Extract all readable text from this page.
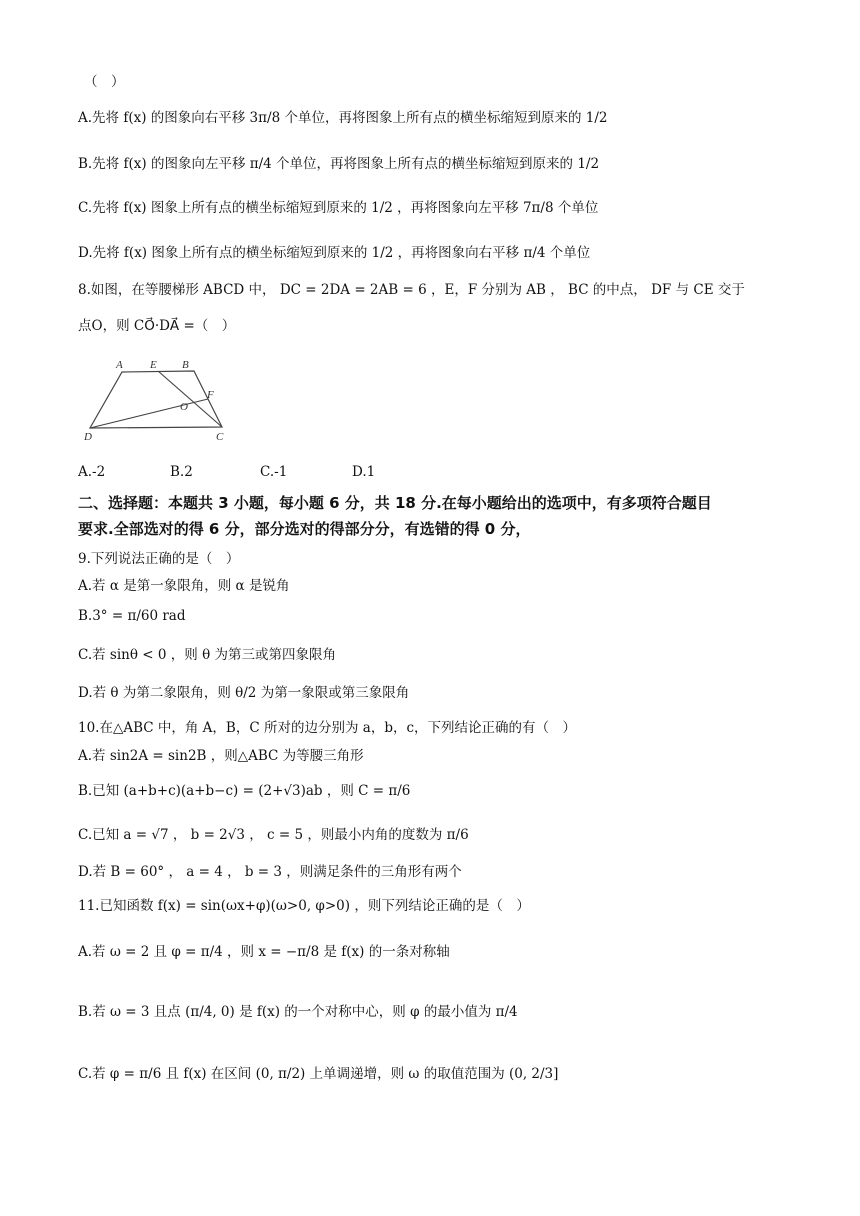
（　）
A.先将 f(x) 的图象向右平移 3π/8 个单位，再将图象上所有点的横坐标缩短到原来的 1/2
B.先将 f(x) 的图象向左平移 π/4 个单位，再将图象上所有点的横坐标缩短到原来的 1/2
C.先将 f(x) 图象上所有点的横坐标缩短到原来的 1/2 ，再将图象向左平移 7π/8 个单位
D.先将 f(x) 图象上所有点的横坐标缩短到原来的 1/2 ，再将图象向右平移 π/4 个单位
8.如图，在等腰梯形 ABCD 中， DC = 2DA = 2AB = 6 ，E，F 分别为 AB ， BC 的中点， DF 与 CE 交于
点O，则 CO⃗·DA⃗ =（　）
A E B
O
F
D	C
A.-2	B.2	C.-1	D.1
二、选择题：本题共 3 小题，每小题 6 分，共 18 分.在每小题给出的选项中，有多项符合题目
要求.全部选对的得 6 分，部分选对的得部分分，有选错的得 0 分，
9.下列说法正确的是（　）
A.若 α 是第一象限角，则 α 是锐角
B.3° = π/60 rad
C.若 sinθ < 0 ，则 θ 为第三或第四象限角
D.若 θ 为第二象限角，则 θ/2 为第一象限或第三象限角
10.在△ABC 中，角 A，B，C 所对的边分别为 a，b，c，下列结论正确的有（　）
A.若 sin2A = sin2B ，则△ABC 为等腰三角形
B.已知 (a+b+c)(a+b−c) = (2+√3)ab ，则 C = π/6
C.已知 a = √7 ， b = 2√3 ， c = 5 ，则最小内角的度数为 π/6
D.若 B = 60° ， a = 4 ， b = 3 ，则满足条件的三角形有两个
11.已知函数 f(x) = sin(ωx+φ)(ω>0, φ>0) ，则下列结论正确的是（　）
A.若 ω = 2 且 φ = π/4 ，则 x = −π/8 是 f(x) 的一条对称轴
B.若 ω = 3 且点 (π/4, 0) 是 f(x) 的一个对称中心，则 φ 的最小值为 π/4
C.若 φ = π/6 且 f(x) 在区间 (0, π/2) 上单调递增，则 ω 的取值范围为 (0, 2/3]
